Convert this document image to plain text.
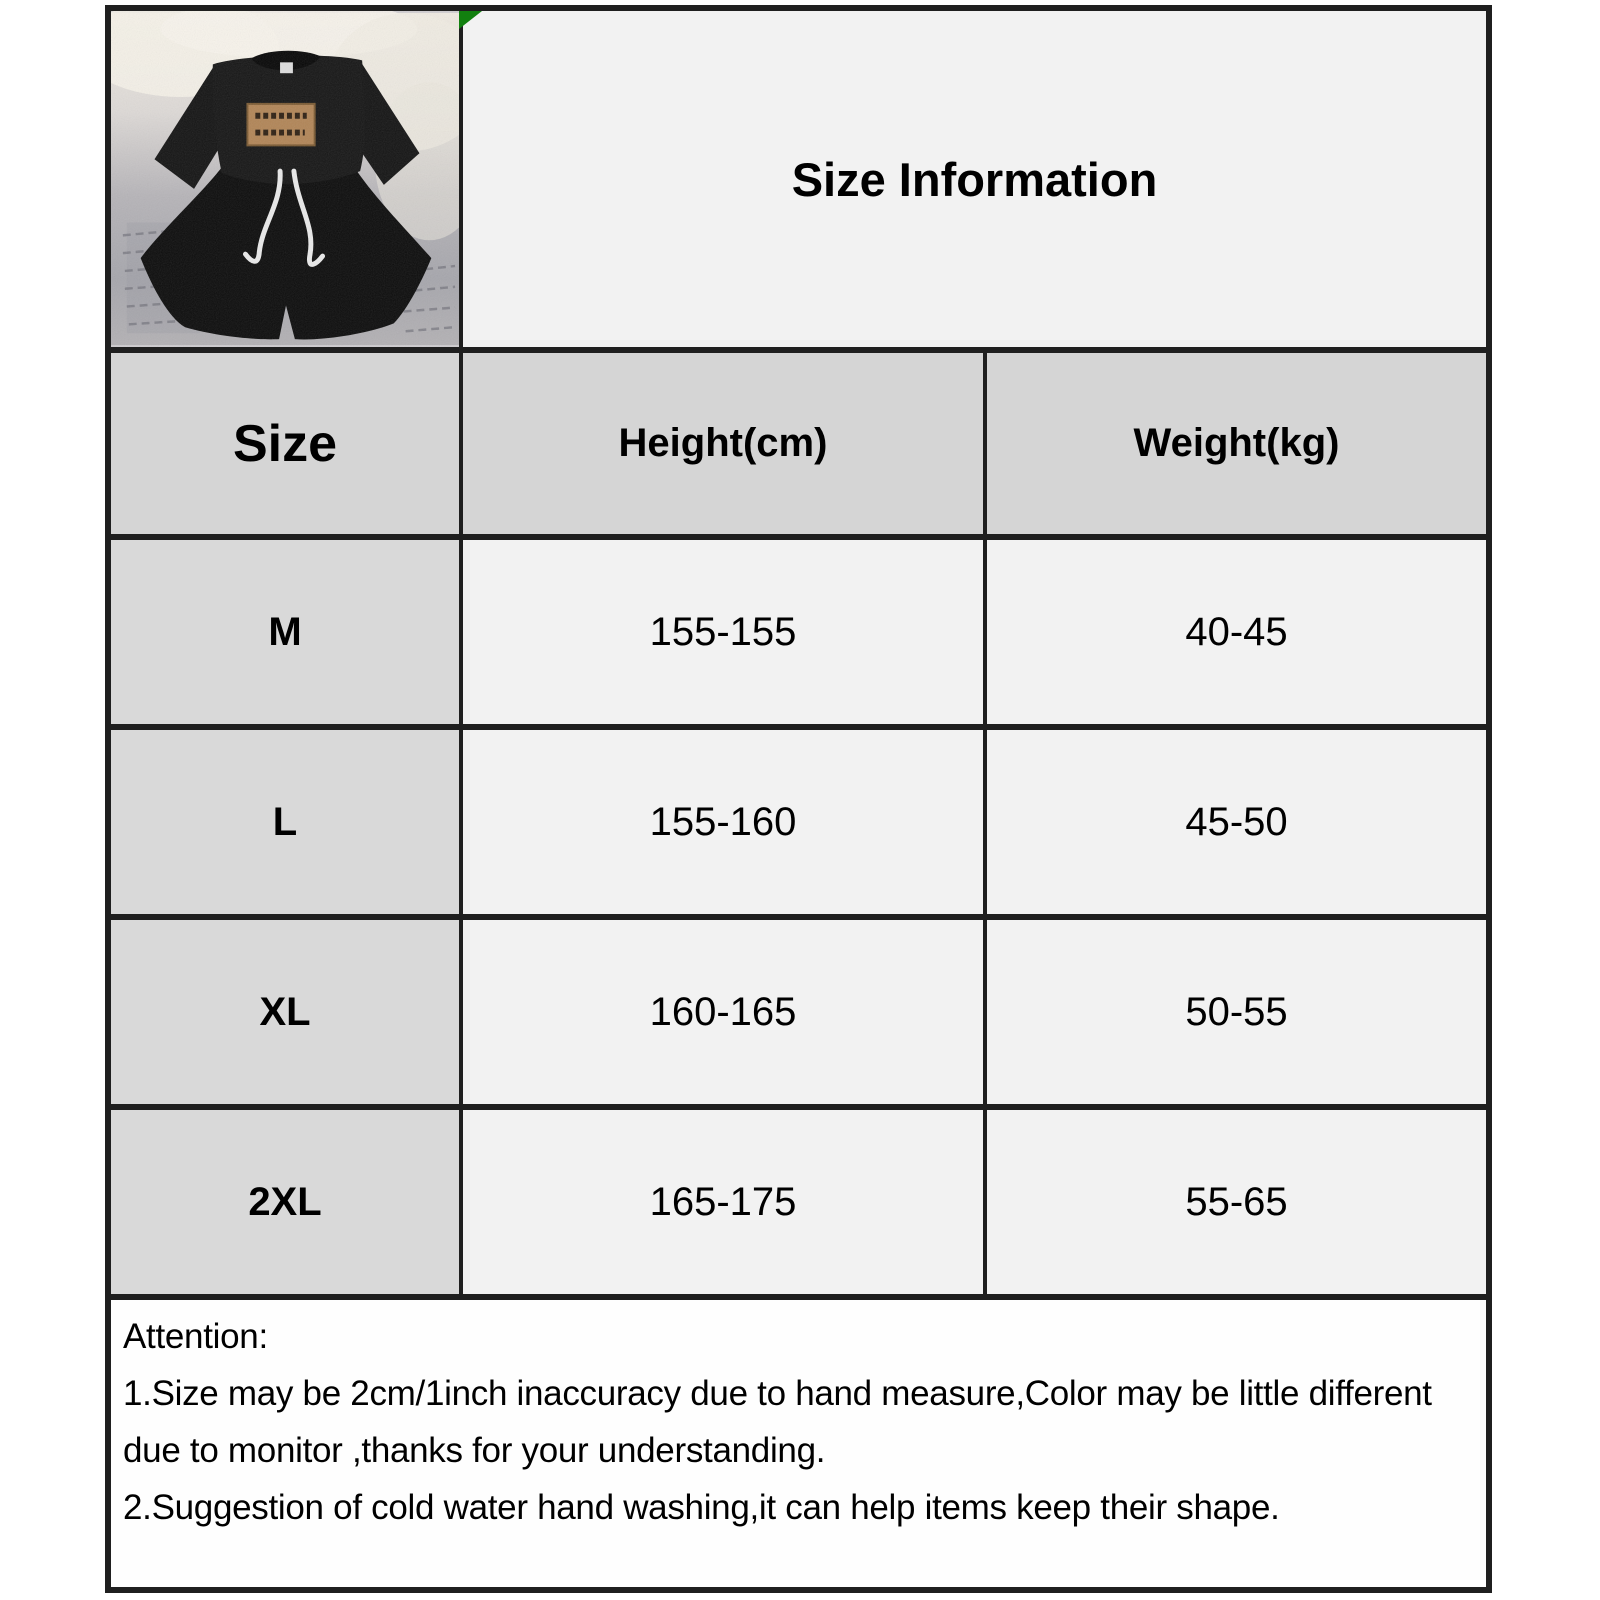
Size Information
Size	Height(cm)	Weight(kg)
M	155-155	40-45
L	155-160	45-50
XL	160-165	50-55
2XL	165-175	55-65

Attention:

1.Size may be 2cm/1inch inaccuracy due to hand measure,Color may be little different due to monitor ,thanks for your understanding.

2.Suggestion of cold water hand washing,it can help items keep their shape.
